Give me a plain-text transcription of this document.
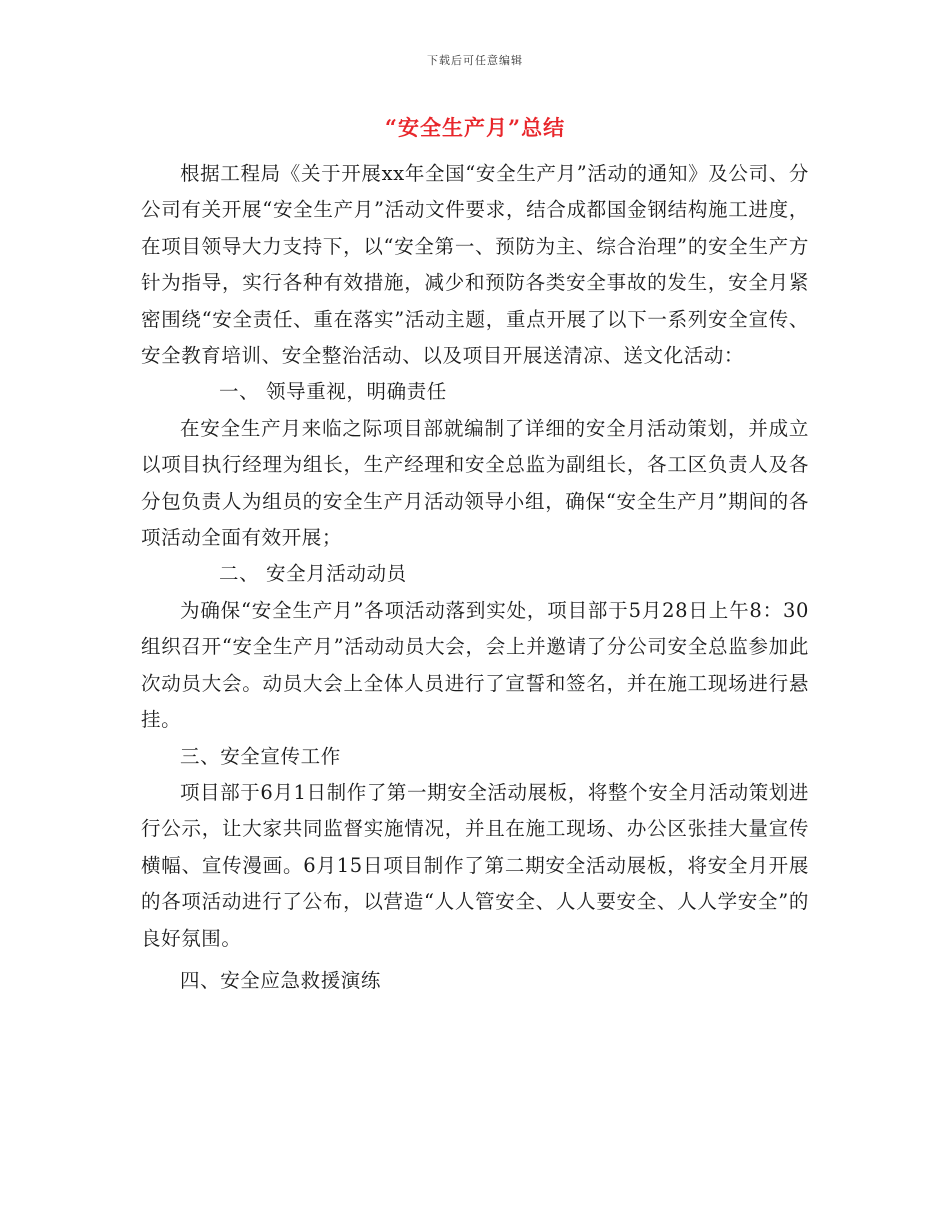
下载后可任意编辑
“安全生产月”总结

根据工程局《关于开展xx年全国“安全生产月”活动的通知》及公司、分公司有关开展“安全生产月”活动文件要求，结合成都国金钢结构施工进度，在项目领导大力支持下，以“安全第一、预防为主、综合治理”的安全生产方针为指导，实行各种有效措施，减少和预防各类安全事故的发生，安全月紧密围绕“安全责任、重在落实”活动主题，重点开展了以下一系列安全宣传、安全教育培训、安全整治活动、以及项目开展送清凉、送文化活动：

一、 领导重视，明确责任

在安全生产月来临之际项目部就编制了详细的安全月活动策划，并成立以项目执行经理为组长，生产经理和安全总监为副组长，各工区负责人及各分包负责人为组员的安全生产月活动领导小组，确保“安全生产月”期间的各项活动全面有效开展；

二、 安全月活动动员

为确保“安全生产月”各项活动落到实处，项目部于5月28日上午8：30组织召开“安全生产月”活动动员大会，会上并邀请了分公司安全总监参加此次动员大会。动员大会上全体人员进行了宣誓和签名，并在施工现场进行悬挂。

三、安全宣传工作

项目部于6月1日制作了第一期安全活动展板，将整个安全月活动策划进行公示，让大家共同监督实施情况，并且在施工现场、办公区张挂大量宣传横幅、宣传漫画。6月15日项目制作了第二期安全活动展板，将安全月开展的各项活动进行了公布，以营造“人人管安全、人人要安全、人人学安全”的良好氛围。

四、安全应急救援演练
